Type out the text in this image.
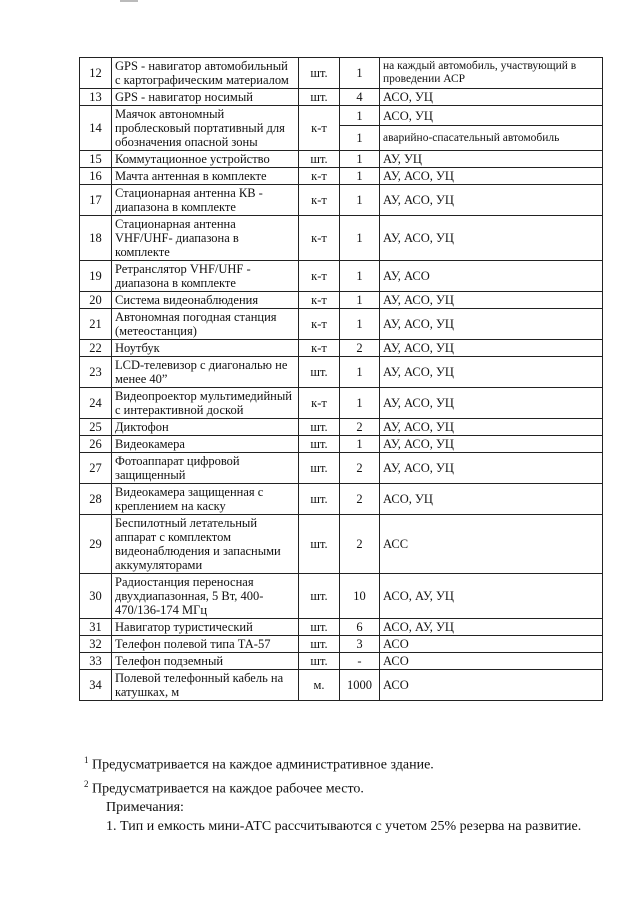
12	GPS - навигатор автомобильный с картографическим материалом	шт.	1	на каждый автомобиль, участвующий в проведении АСР
13	GPS - навигатор носимый	шт.	4	АСО, УЦ
14	Маячок автономный проблесковый портативный для обозначения опасной зоны	к-т	1	АСО, УЦ
			1	аварийно-спасательный автомобиль
15	Коммутационное устройство	шт.	1	АУ, УЦ
16	Мачта антенная в комплекте	к-т	1	АУ, АСО, УЦ
17	Стационарная антенна КВ - диапазона в комплекте	к-т	1	АУ, АСО, УЦ
18	Стационарная антенна VHF/UHF- диапазона в комплекте	к-т	1	АУ, АСО, УЦ
19	Ретранслятор VHF/UHF - диапазона в комплекте	к-т	1	АУ, АСО
20	Система видеонаблюдения	к-т	1	АУ, АСО, УЦ
21	Автономная погодная станция (метеостанция)	к-т	1	АУ, АСО, УЦ
22	Ноутбук	к-т	2	АУ, АСО, УЦ
23	LCD-телевизор с диагональю не менее 40”	шт.	1	АУ, АСО, УЦ
24	Видеопроектор мультимедийный с интерактивной доской	к-т	1	АУ, АСО, УЦ
25	Диктофон	шт.	2	АУ, АСО, УЦ
26	Видеокамера	шт.	1	АУ, АСО, УЦ
27	Фотоаппарат цифровой защищенный	шт.	2	АУ, АСО, УЦ
28	Видеокамера защищенная с креплением на каску	шт.	2	АСО, УЦ
29	Беспилотный летательный аппарат с комплектом видеонаблюдения и запасными аккумуляторами	шт.	2	АСС
30	Радиостанция переносная двухдиапазонная, 5 Вт, 400-470/136-174 МГц	шт.	10	АСО, АУ, УЦ
31	Навигатор туристический	шт.	6	АСО, АУ, УЦ
32	Телефон полевой типа ТА-57	шт.	3	АСО
33	Телефон подземный	шт.	-	АСО
34	Полевой телефонный кабель на катушках, м	м.	1000	АСО

$^1$ Предусматривается на каждое административное здание.

$^2$ Предусматривается на каждое рабочее место.

Примечания:

1. Тип и емкость мини-АТС рассчитываются с учетом 25% резерва на развитие.
